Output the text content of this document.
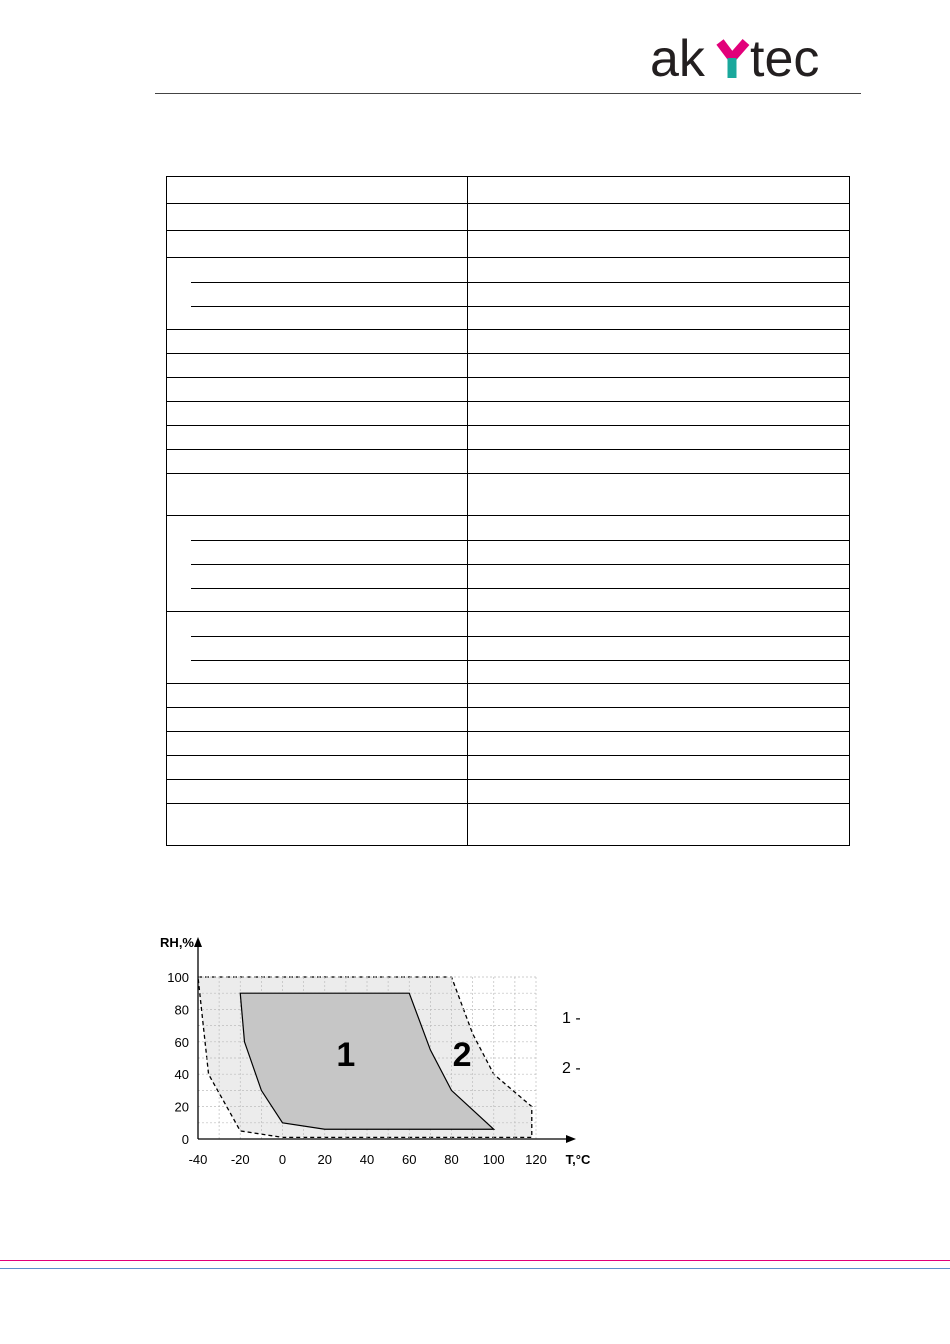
ak tec

-40 -20 0 20 40 60 80 100 120
0
20
40
60
80
100
T,°C
RH,%
1	2
1 -
2 -
